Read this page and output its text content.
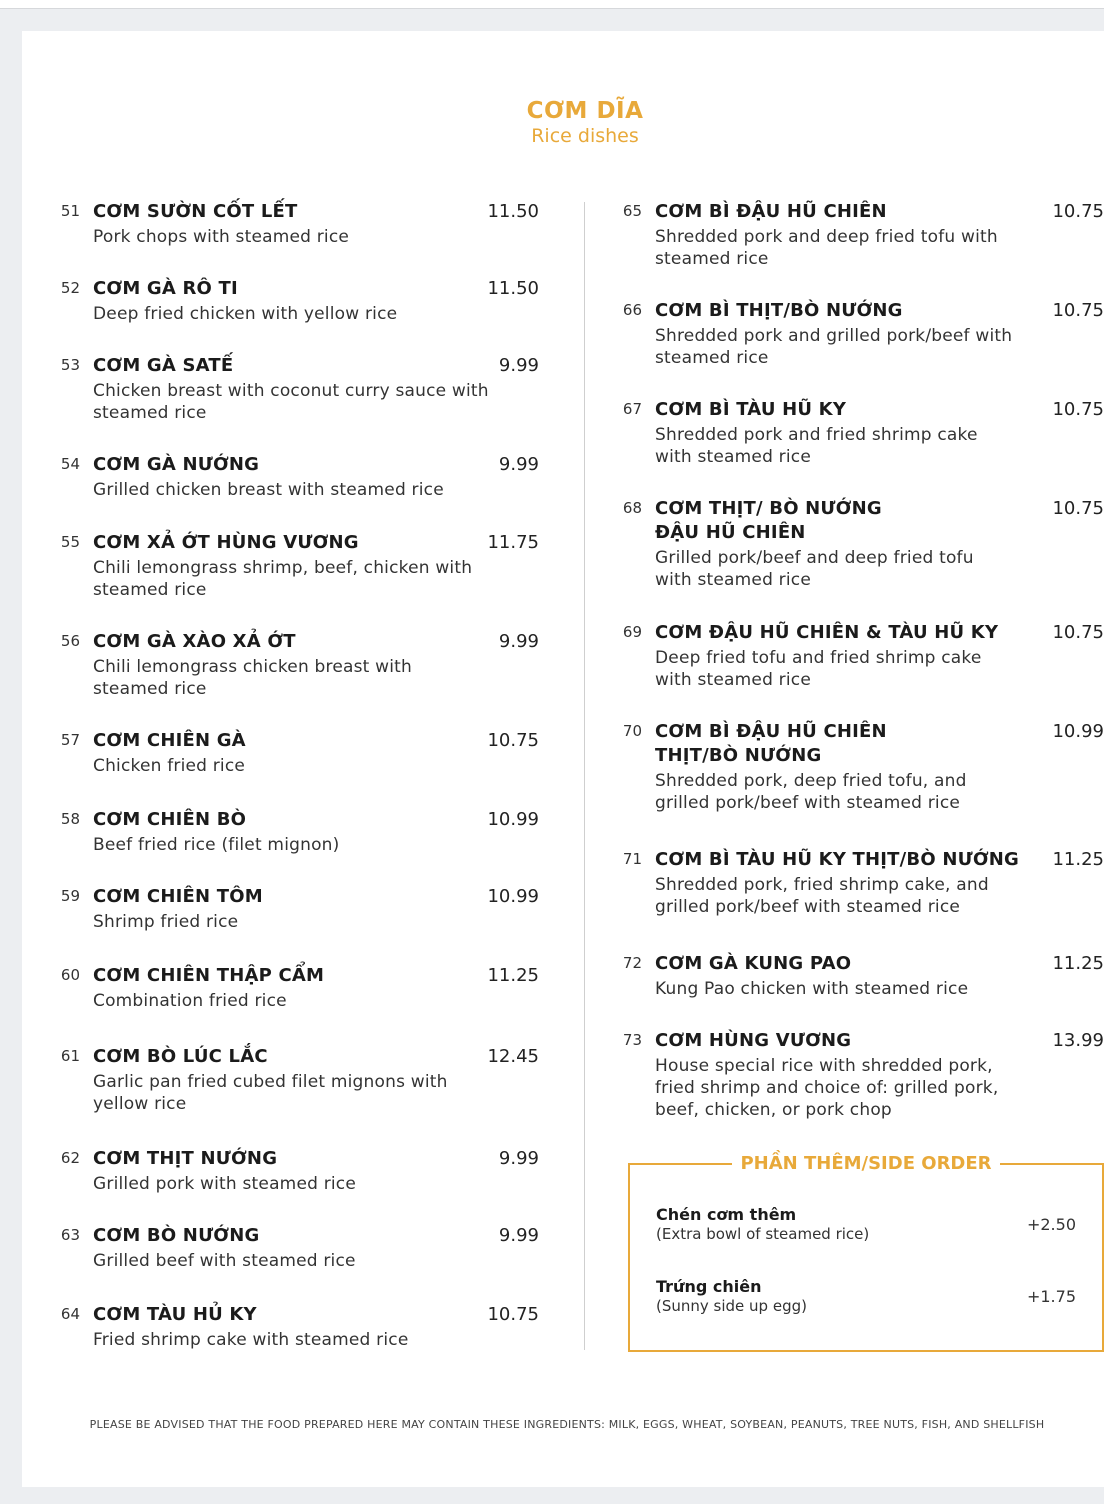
CƠM DĨA
Rice dishes
51 CƠM SƯỜN CỐT LẾT	11.50
Pork chops with steamed rice
52 CƠM GÀ RÔ TI	11.50
Deep fried chicken with yellow rice
53 CƠM GÀ SATẾ	9.99
Chicken breast with coconut curry sauce with steamed rice
54 CƠM GÀ NƯỚNG	9.99
Grilled chicken breast with steamed rice
55 CƠM XẢ ỚT HÙNG VƯƠNG	11.75
Chili lemongrass shrimp, beef, chicken with steamed rice
56 CƠM GÀ XÀO XẢ ỚT	9.99
Chili lemongrass chicken breast with steamed rice
57 CƠM CHIÊN GÀ	10.75
Chicken fried rice
58 CƠM CHIÊN BÒ	10.99
Beef fried rice (filet mignon)
59 CƠM CHIÊN TÔM	10.99
Shrimp fried rice
60 CƠM CHIÊN THẬP CẨM	11.25
Combination fried rice
61 CƠM BÒ LÚC LẮC	12.45
Garlic pan fried cubed filet mignons with yellow rice
62 CƠM THỊT NƯỚNG	9.99
Grilled pork with steamed rice
63 CƠM BÒ NƯỚNG	9.99
Grilled beef with steamed rice
64 CƠM TÀU HỦ KY	10.75
Fried shrimp cake with steamed rice
65 CƠM BÌ ĐẬU HŨ CHIÊN	10.75
Shredded pork and deep fried tofu with steamed rice
66 CƠM BÌ THỊT/BÒ NƯỚNG	10.75
Shredded pork and grilled pork/beef with steamed rice
67 CƠM BÌ TÀU HŨ KY	10.75
Shredded pork and fried shrimp cake with steamed rice
68 CƠM THỊT/ BÒ NƯỚNG ĐẬU HŨ CHIÊN
10.75
Grilled pork/beef and deep fried tofu with steamed rice
69 CƠM ĐẬU HŨ CHIÊN & TÀU HŨ KY	10.75
Deep fried tofu and fried shrimp cake with steamed rice
70 CƠM BÌ ĐẬU HŨ CHIÊN THỊT/BÒ NƯỚNG
10.99
Shredded pork, deep fried tofu, and grilled pork/beef with steamed rice
71 CƠM BÌ TÀU HŨ KY THỊT/BÒ NƯỚNG	11.25
Shredded pork, fried shrimp cake, and grilled pork/beef with steamed rice
72 CƠM GÀ KUNG PAO	11.25
Kung Pao chicken with steamed rice
73 CƠM HÙNG VƯƠNG	13.99
House special rice with shredded pork, fried shrimp and choice of: grilled pork, beef, chicken, or pork chop
PHẦN THÊM/SIDE ORDER
Chén cơm thêm
(Extra bowl of steamed rice)	+2.50
Trứng chiên
(Sunny side up egg)	+1.75
PLEASE BE ADVISED THAT THE FOOD PREPARED HERE MAY CONTAIN THESE INGREDIENTS: MILK, EGGS, WHEAT, SOYBEAN, PEANUTS, TREE NUTS, FISH, AND SHELLFISH
